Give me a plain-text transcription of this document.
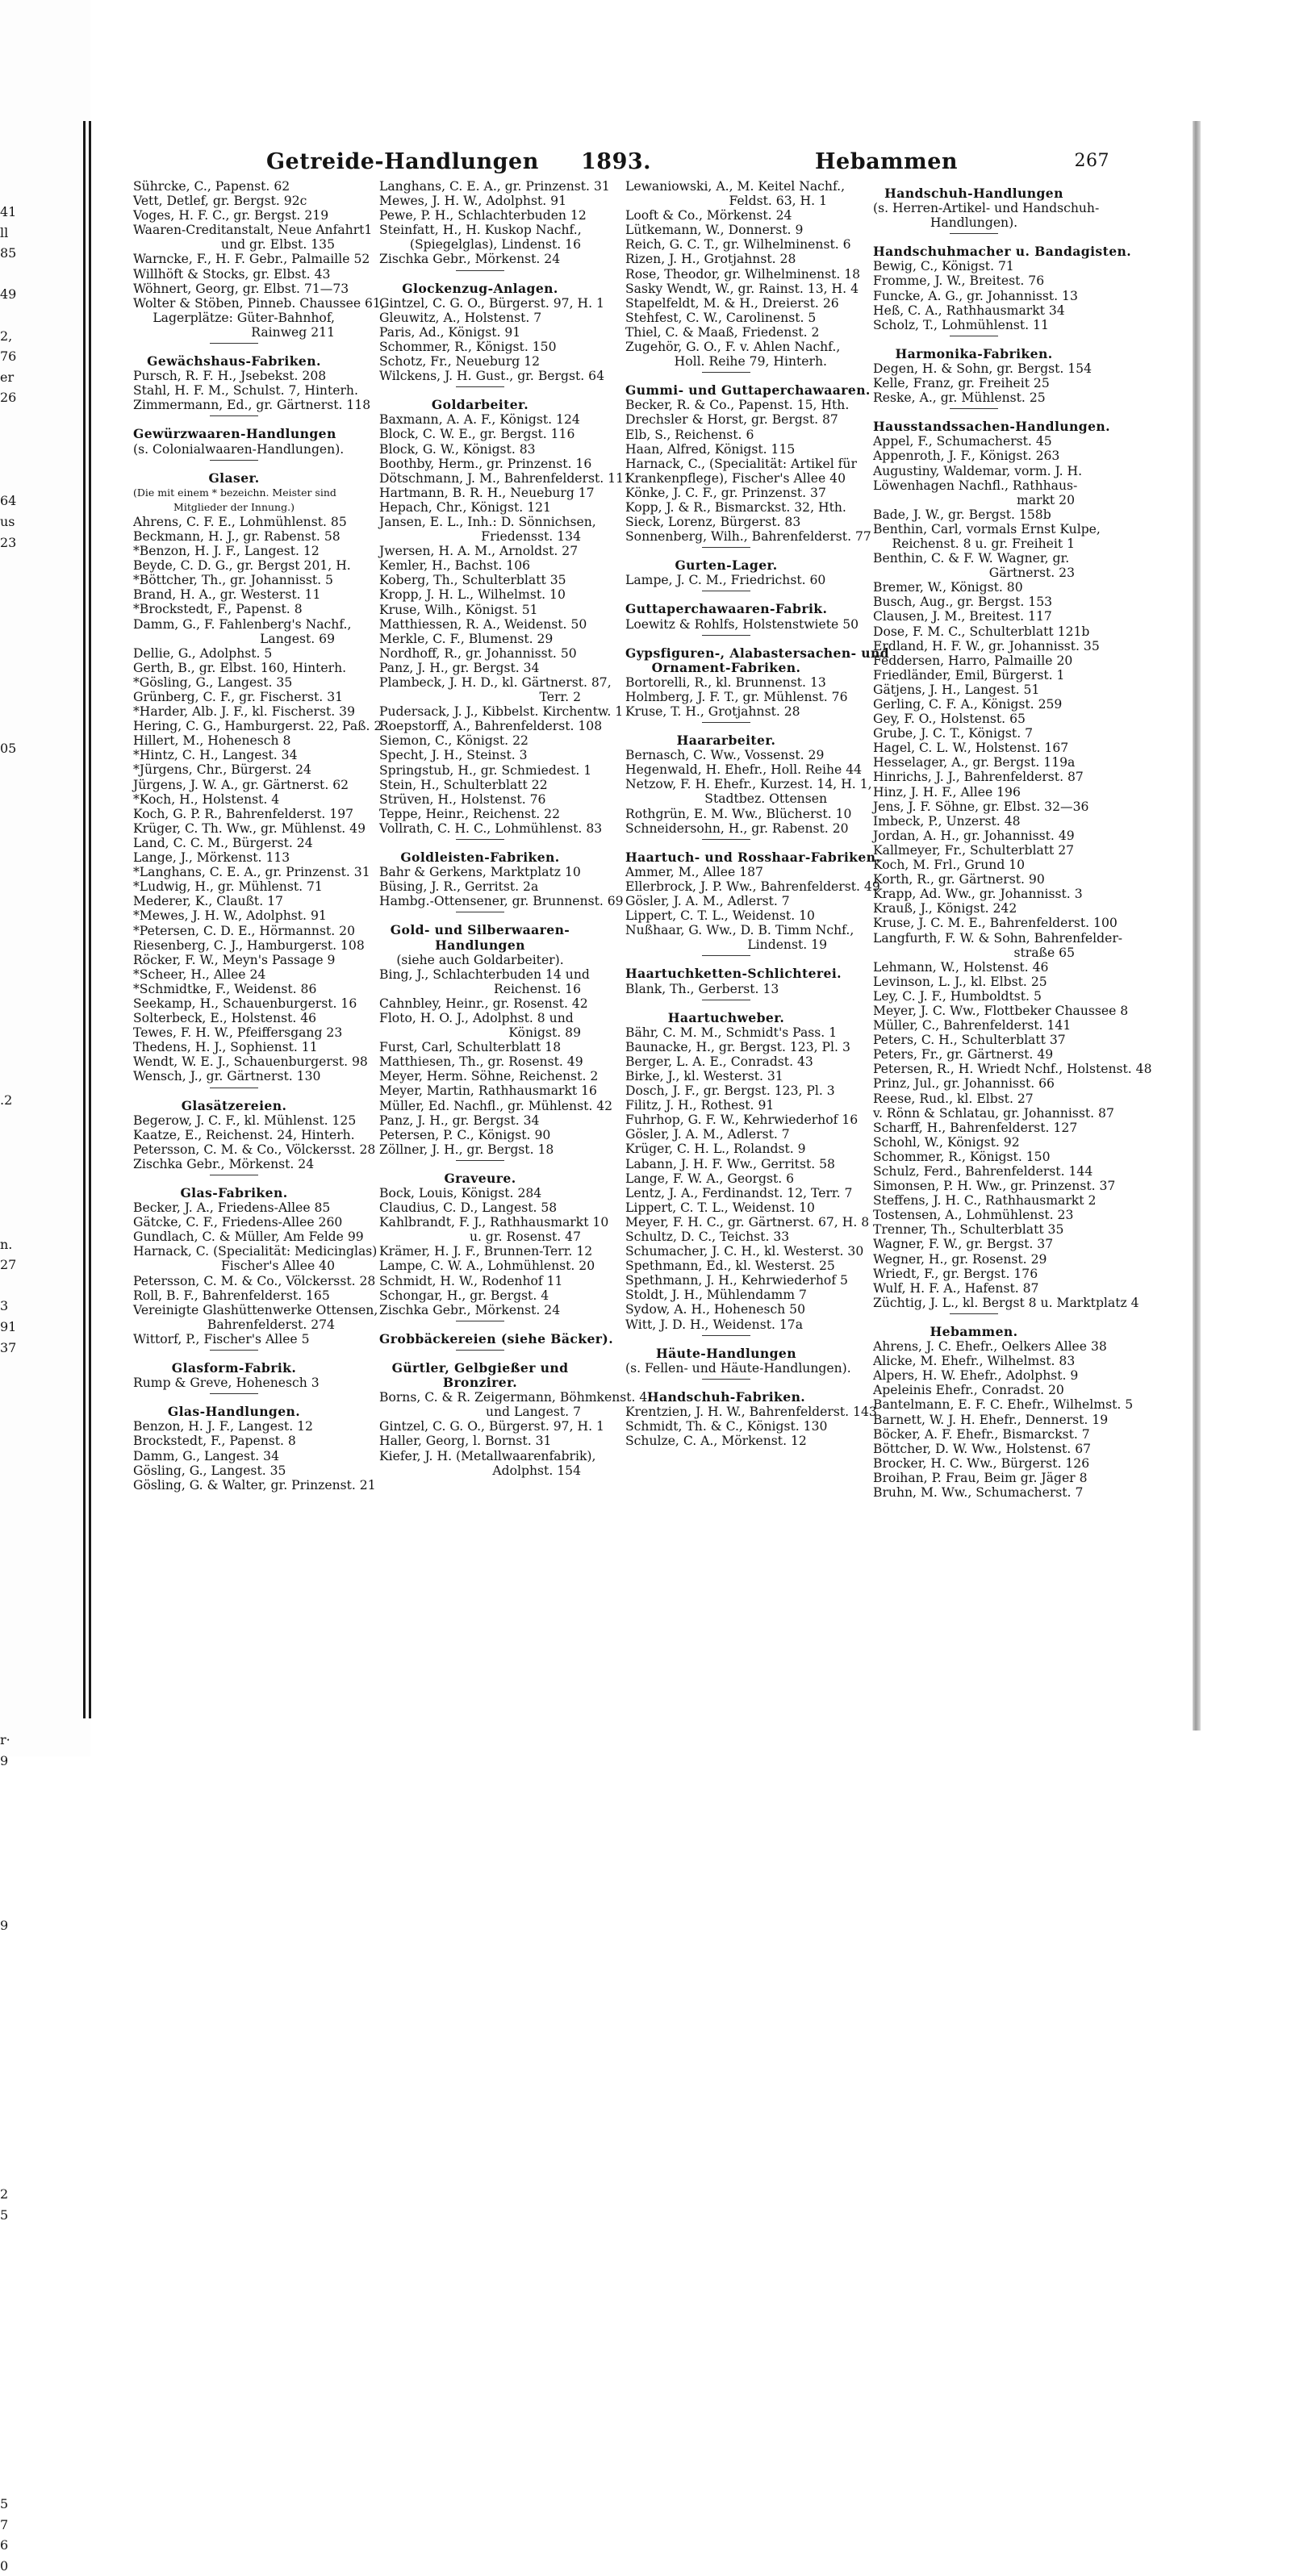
41
ll
85
49
2,
76
er
26
64
us
23
05
.2
n.
27
3
91
37
r·
9
9
2
5
5
7
6
0
Getreide-Handlungen 1893.	Hebammen	267
Sührcke, C., Papenst. 62
Vett, Detlef, gr. Bergst. 92c
Voges, H. F. C., gr. Bergst. 219
Waaren-Creditanstalt, Neue Anfahrt1
und gr. Elbst. 135
Warncke, F., H. F. Gebr., Palmaille 52
Willhöft & Stocks, gr. Elbst. 43
Wöhnert, Georg, gr. Elbst. 71—73
Wolter & Stöben, Pinneb. Chaussee 61,
Lagerplätze: Güter-Bahnhof,
Rainweg 211
Gewächshaus-Fabriken.
Pursch, R. F. H., Jsebekst. 208
Stahl, H. F. M., Schulst. 7, Hinterh.
Zimmermann, Ed., gr. Gärtnerst. 118
Gewürzwaaren-Handlungen
(s. Colonialwaaren-Handlungen).
Glaser.
(Die mit einem * bezeichn. Meister sind
Mitglieder der Innung.)
Ahrens, C. F. E., Lohmühlenst. 85
Beckmann, H. J., gr. Rabenst. 58
*Benzon, H. J. F., Langest. 12
Beyde, C. D. G., gr. Bergst 201, H.
*Böttcher, Th., gr. Johannisst. 5
Brand, H. A., gr. Westerst. 11
*Brockstedt, F., Papenst. 8
Damm, G., F. Fahlenberg's Nachf.,
Langest. 69
Dellie, G., Adolphst. 5
Gerth, B., gr. Elbst. 160, Hinterh.
*Gösling, G., Langest. 35
Grünberg, C. F., gr. Fischerst. 31
*Harder, Alb. J. F., kl. Fischerst. 39
Hering, C. G., Hamburgerst. 22, Paß. 2
Hillert, M., Hohenesch 8
*Hintz, C. H., Langest. 34
*Jürgens, Chr., Bürgerst. 24
Jürgens, J. W. A., gr. Gärtnerst. 62
*Koch, H., Holstenst. 4
Koch, G. P. R., Bahrenfelderst. 197
Krüger, C. Th. Ww., gr. Mühlenst. 49
Land, C. C. M., Bürgerst. 24
Lange, J., Mörkenst. 113
*Langhans, C. E. A., gr. Prinzenst. 31
*Ludwig, H., gr. Mühlenst. 71
Mederer, K., Claußt. 17
*Mewes, J. H. W., Adolphst. 91
*Petersen, C. D. E., Hörmannst. 20
Riesenberg, C. J., Hamburgerst. 108
Röcker, F. W., Meyn's Passage 9
*Scheer, H., Allee 24
*Schmidtke, F., Weidenst. 86
Seekamp, H., Schauenburgerst. 16
Solterbeck, E., Holstenst. 46
Tewes, F. H. W., Pfeiffersgang 23
Thedens, H. J., Sophienst. 11
Wendt, W. E. J., Schauenburgerst. 98
Wensch, J., gr. Gärtnerst. 130
Glasätzereien.
Begerow, J. C. F., kl. Mühlenst. 125
Kaatze, E., Reichenst. 24, Hinterh.
Petersson, C. M. & Co., Völckersst. 28
Zischka Gebr., Mörkenst. 24
Glas-Fabriken.
Becker, J. A., Friedens-Allee 85
Gätcke, C. F., Friedens-Allee 260
Gundlach, C. & Müller, Am Felde 99
Harnack, C. (Specialität: Medicinglas)
Fischer's Allee 40
Petersson, C. M. & Co., Völckersst. 28
Roll, B. F., Bahrenfelderst. 165
Vereinigte Glashüttenwerke Ottensen,
Bahrenfelderst. 274
Wittorf, P., Fischer's Allee 5
Glasform-Fabrik.
Rump & Greve, Hohenesch 3
Glas-Handlungen.
Benzon, H. J. F., Langest. 12
Brockstedt, F., Papenst. 8
Damm, G., Langest. 34
Gösling, G., Langest. 35
Gösling, G. & Walter, gr. Prinzenst. 21
Langhans, C. E. A., gr. Prinzenst. 31
Mewes, J. H. W., Adolphst. 91
Pewe, P. H., Schlachterbuden 12
Steinfatt, H., H. Kuskop Nachf.,
(Spiegelglas), Lindenst. 16
Zischka Gebr., Mörkenst. 24
Glockenzug-Anlagen.
Gintzel, C. G. O., Bürgerst. 97, H. 1
Gleuwitz, A., Holstenst. 7
Paris, Ad., Königst. 91
Schommer, R., Königst. 150
Schotz, Fr., Neueburg 12
Wilckens, J. H. Gust., gr. Bergst. 64
Goldarbeiter.
Baxmann, A. A. F., Königst. 124
Block, C. W. E., gr. Bergst. 116
Block, G. W., Königst. 83
Boothby, Herm., gr. Prinzenst. 16
Dötschmann, J. M., Bahrenfelderst. 111
Hartmann, B. R. H., Neueburg 17
Hepach, Chr., Königst. 121
Jansen, E. L., Inh.: D. Sönnichsen,
Friedensst. 134
Jwersen, H. A. M., Arnoldst. 27
Kemler, H., Bachst. 106
Koberg, Th., Schulterblatt 35
Kropp, J. H. L., Wilhelmst. 10
Kruse, Wilh., Königst. 51
Matthiessen, R. A., Weidenst. 50
Merkle, C. F., Blumenst. 29
Nordhoff, R., gr. Johannisst. 50
Panz, J. H., gr. Bergst. 34
Plambeck, J. H. D., kl. Gärtnerst. 87,
Terr. 2
Pudersack, J. J., Kibbelst. Kirchentw. 1
Roepstorff, A., Bahrenfelderst. 108
Siemon, C., Königst. 22
Specht, J. H., Steinst. 3
Springstub, H., gr. Schmiedest. 1
Stein, H., Schulterblatt 22
Strüven, H., Holstenst. 76
Teppe, Heinr., Reichenst. 22
Vollrath, C. H. C., Lohmühlenst. 83
Goldleisten-Fabriken.
Bahr & Gerkens, Marktplatz 10
Büsing, J. R., Gerritst. 2a
Hambg.-Ottensener, gr. Brunnenst. 69
Gold- und Silberwaaren-
Handlungen
(siehe auch Goldarbeiter).
Bing, J., Schlachterbuden 14 und
Reichenst. 16
Cahnbley, Heinr., gr. Rosenst. 42
Floto, H. O. J., Adolphst. 8 und
Königst. 89
Furst, Carl, Schulterblatt 18
Matthiesen, Th., gr. Rosenst. 49
Meyer, Herm. Söhne, Reichenst. 2
Meyer, Martin, Rathhausmarkt 16
Müller, Ed. Nachfl., gr. Mühlenst. 42
Panz, J. H., gr. Bergst. 34
Petersen, P. C., Königst. 90
Zöllner, J. H., gr. Bergst. 18
Graveure.
Bock, Louis, Königst. 284
Claudius, C. D., Langest. 58
Kahlbrandt, F. J., Rathhausmarkt 10
u. gr. Rosenst. 47
Krämer, H. J. F., Brunnen-Terr. 12
Lampe, C. W. A., Lohmühlenst. 20
Schmidt, H. W., Rodenhof 11
Schongar, H., gr. Bergst. 4
Zischka Gebr., Mörkenst. 24
Grobbäckereien (siehe Bäcker).
Gürtler, Gelbgießer und
Bronzirer.
Borns, C. & R. Zeigermann, Böhmkenst. 4
und Langest. 7
Gintzel, C. G. O., Bürgerst. 97, H. 1
Haller, Georg, l. Bornst. 31
Kiefer, J. H. (Metallwaarenfabrik),
Adolphst. 154
Lewaniowski, A., M. Keitel Nachf.,
Feldst. 63, H. 1
Looft & Co., Mörkenst. 24
Lütkemann, W., Donnerst. 9
Reich, G. C. T., gr. Wilhelminenst. 6
Rizen, J. H., Grotjahnst. 28
Rose, Theodor, gr. Wilhelminenst. 18
Sasky Wendt, W., gr. Rainst. 13, H. 4
Stapelfeldt, M. & H., Dreierst. 26
Stehfest, C. W., Carolinenst. 5
Thiel, C. & Maaß, Friedenst. 2
Zugehör, G. O., F. v. Ahlen Nachf.,
Holl. Reihe 79, Hinterh.
Gummi- und Guttaperchawaaren.
Becker, R. & Co., Papenst. 15, Hth.
Drechsler & Horst, gr. Bergst. 87
Elb, S., Reichenst. 6
Haan, Alfred, Königst. 115
Harnack, C., (Specialität: Artikel für
Krankenpflege), Fischer's Allee 40
Könke, J. C. F., gr. Prinzenst. 37
Kopp, J. & R., Bismarckst. 32, Hth.
Sieck, Lorenz, Bürgerst. 83
Sonnenberg, Wilh., Bahrenfelderst. 77
Gurten-Lager.
Lampe, J. C. M., Friedrichst. 60
Guttaperchawaaren-Fabrik.
Loewitz & Rohlfs, Holstenstwiete 50
Gypsfiguren-, Alabastersachen- und
Ornament-Fabriken.
Bortorelli, R., kl. Brunnenst. 13
Holmberg, J. F. T., gr. Mühlenst. 76
Kruse, T. H., Grotjahnst. 28
Haararbeiter.
Bernasch, C. Ww., Vossenst. 29
Hegenwald, H. Ehefr., Holl. Reihe 44
Netzow, F. H. Ehefr., Kurzest. 14, H. 1,
Stadtbez. Ottensen
Rothgrün, E. M. Ww., Blücherst. 10
Schneidersohn, H., gr. Rabenst. 20
Haartuch- und Rosshaar-Fabriken.
Ammer, M., Allee 187
Ellerbrock, J. P. Ww., Bahrenfelderst. 49
Gösler, J. A. M., Adlerst. 7
Lippert, C. T. L., Weidenst. 10
Nußhaar, G. Ww., D. B. Timm Nchf.,
Lindenst. 19
Haartuchketten-Schlichterei.
Blank, Th., Gerberst. 13
Haartuchweber.
Bähr, C. M. M., Schmidt's Pass. 1
Baunacke, H., gr. Bergst. 123, Pl. 3
Berger, L. A. E., Conradst. 43
Birke, J., kl. Westerst. 31
Dosch, J. F., gr. Bergst. 123, Pl. 3
Filitz, J. H., Rothest. 91
Fuhrhop, G. F. W., Kehrwiederhof 16
Gösler, J. A. M., Adlerst. 7
Krüger, C. H. L., Rolandst. 9
Labann, J. H. F. Ww., Gerritst. 58
Lange, F. W. A., Georgst. 6
Lentz, J. A., Ferdinandst. 12, Terr. 7
Lippert, C. T. L., Weidenst. 10
Meyer, F. H. C., gr. Gärtnerst. 67, H. 8
Schultz, D. C., Teichst. 33
Schumacher, J. C. H., kl. Westerst. 30
Spethmann, Ed., kl. Westerst. 25
Spethmann, J. H., Kehrwiederhof 5
Stoldt, J. H., Mühlendamm 7
Sydow, A. H., Hohenesch 50
Witt, J. D. H., Weidenst. 17a
Häute-Handlungen
(s. Fellen- und Häute-Handlungen).
Handschuh-Fabriken.
Krentzien, J. H. W., Bahrenfelderst. 143
Schmidt, Th. & C., Königst. 130
Schulze, C. A., Mörkenst. 12
Handschuh-Handlungen
(s. Herren-Artikel- und Handschuh-
Handlungen).
Handschuhmacher u. Bandagisten.
Bewig, C., Königst. 71
Fromme, J. W., Breitest. 76
Funcke, A. G., gr. Johannisst. 13
Heß, C. A., Rathhausmarkt 34
Scholz, T., Lohmühlenst. 11
Harmonika-Fabriken.
Degen, H. & Sohn, gr. Bergst. 154
Kelle, Franz, gr. Freiheit 25
Reske, A., gr. Mühlenst. 25
Hausstandssachen-Handlungen.
Appel, F., Schumacherst. 45
Appenroth, J. F., Königst. 263
Augustiny, Waldemar, vorm. J. H.
Löwenhagen Nachfl., Rathhaus-
markt 20
Bade, J. W., gr. Bergst. 158b
Benthin, Carl, vormals Ernst Kulpe,
Reichenst. 8 u. gr. Freiheit 1
Benthin, C. & F. W. Wagner, gr.
Gärtnerst. 23
Bremer, W., Königst. 80
Busch, Aug., gr. Bergst. 153
Clausen, J. M., Breitest. 117
Dose, F. M. C., Schulterblatt 121b
Erdland, H. F. W., gr. Johannisst. 35
Feddersen, Harro, Palmaille 20
Friedländer, Emil, Bürgerst. 1
Gätjens, J. H., Langest. 51
Gerling, C. F. A., Königst. 259
Gey, F. O., Holstenst. 65
Grube, J. C. T., Königst. 7
Hagel, C. L. W., Holstenst. 167
Hesselager, A., gr. Bergst. 119a
Hinrichs, J. J., Bahrenfelderst. 87
Hinz, J. H. F., Allee 196
Jens, J. F. Söhne, gr. Elbst. 32—36
Imbeck, P., Unzerst. 48
Jordan, A. H., gr. Johannisst. 49
Kallmeyer, Fr., Schulterblatt 27
Koch, M. Frl., Grund 10
Korth, R., gr. Gärtnerst. 90
Krapp, Ad. Ww., gr. Johannisst. 3
Krauß, J., Königst. 242
Kruse, J. C. M. E., Bahrenfelderst. 100
Langfurth, F. W. & Sohn, Bahrenfelder-
straße 65
Lehmann, W., Holstenst. 46
Levinson, L. J., kl. Elbst. 25
Ley, C. J. F., Humboldtst. 5
Meyer, J. C. Ww., Flottbeker Chaussee 8
Müller, C., Bahrenfelderst. 141
Peters, C. H., Schulterblatt 37
Peters, Fr., gr. Gärtnerst. 49
Petersen, R., H. Wriedt Nchf., Holstenst. 48
Prinz, Jul., gr. Johannisst. 66
Reese, Rud., kl. Elbst. 27
v. Rönn & Schlatau, gr. Johannisst. 87
Scharff, H., Bahrenfelderst. 127
Schohl, W., Königst. 92
Schommer, R., Königst. 150
Schulz, Ferd., Bahrenfelderst. 144
Simonsen, P. H. Ww., gr. Prinzenst. 37
Steffens, J. H. C., Rathhausmarkt 2
Tostensen, A., Lohmühlenst. 23
Trenner, Th., Schulterblatt 35
Wagner, F. W., gr. Bergst. 37
Wegner, H., gr. Rosenst. 29
Wriedt, F., gr. Bergst. 176
Wulf, H. F. A., Hafenst. 87
Züchtig, J. L., kl. Bergst 8 u. Marktplatz 4
Hebammen.
Ahrens, J. C. Ehefr., Oelkers Allee 38
Alicke, M. Ehefr., Wilhelmst. 83
Alpers, H. W. Ehefr., Adolphst. 9
Apeleinis Ehefr., Conradst. 20
Bantelmann, E. F. C. Ehefr., Wilhelmst. 5
Barnett, W. J. H. Ehefr., Dennerst. 19
Böcker, A. F. Ehefr., Bismarckst. 7
Böttcher, D. W. Ww., Holstenst. 67
Brocker, H. C. Ww., Bürgerst. 126
Broihan, P. Frau, Beim gr. Jäger 8
Bruhn, M. Ww., Schumacherst. 7
